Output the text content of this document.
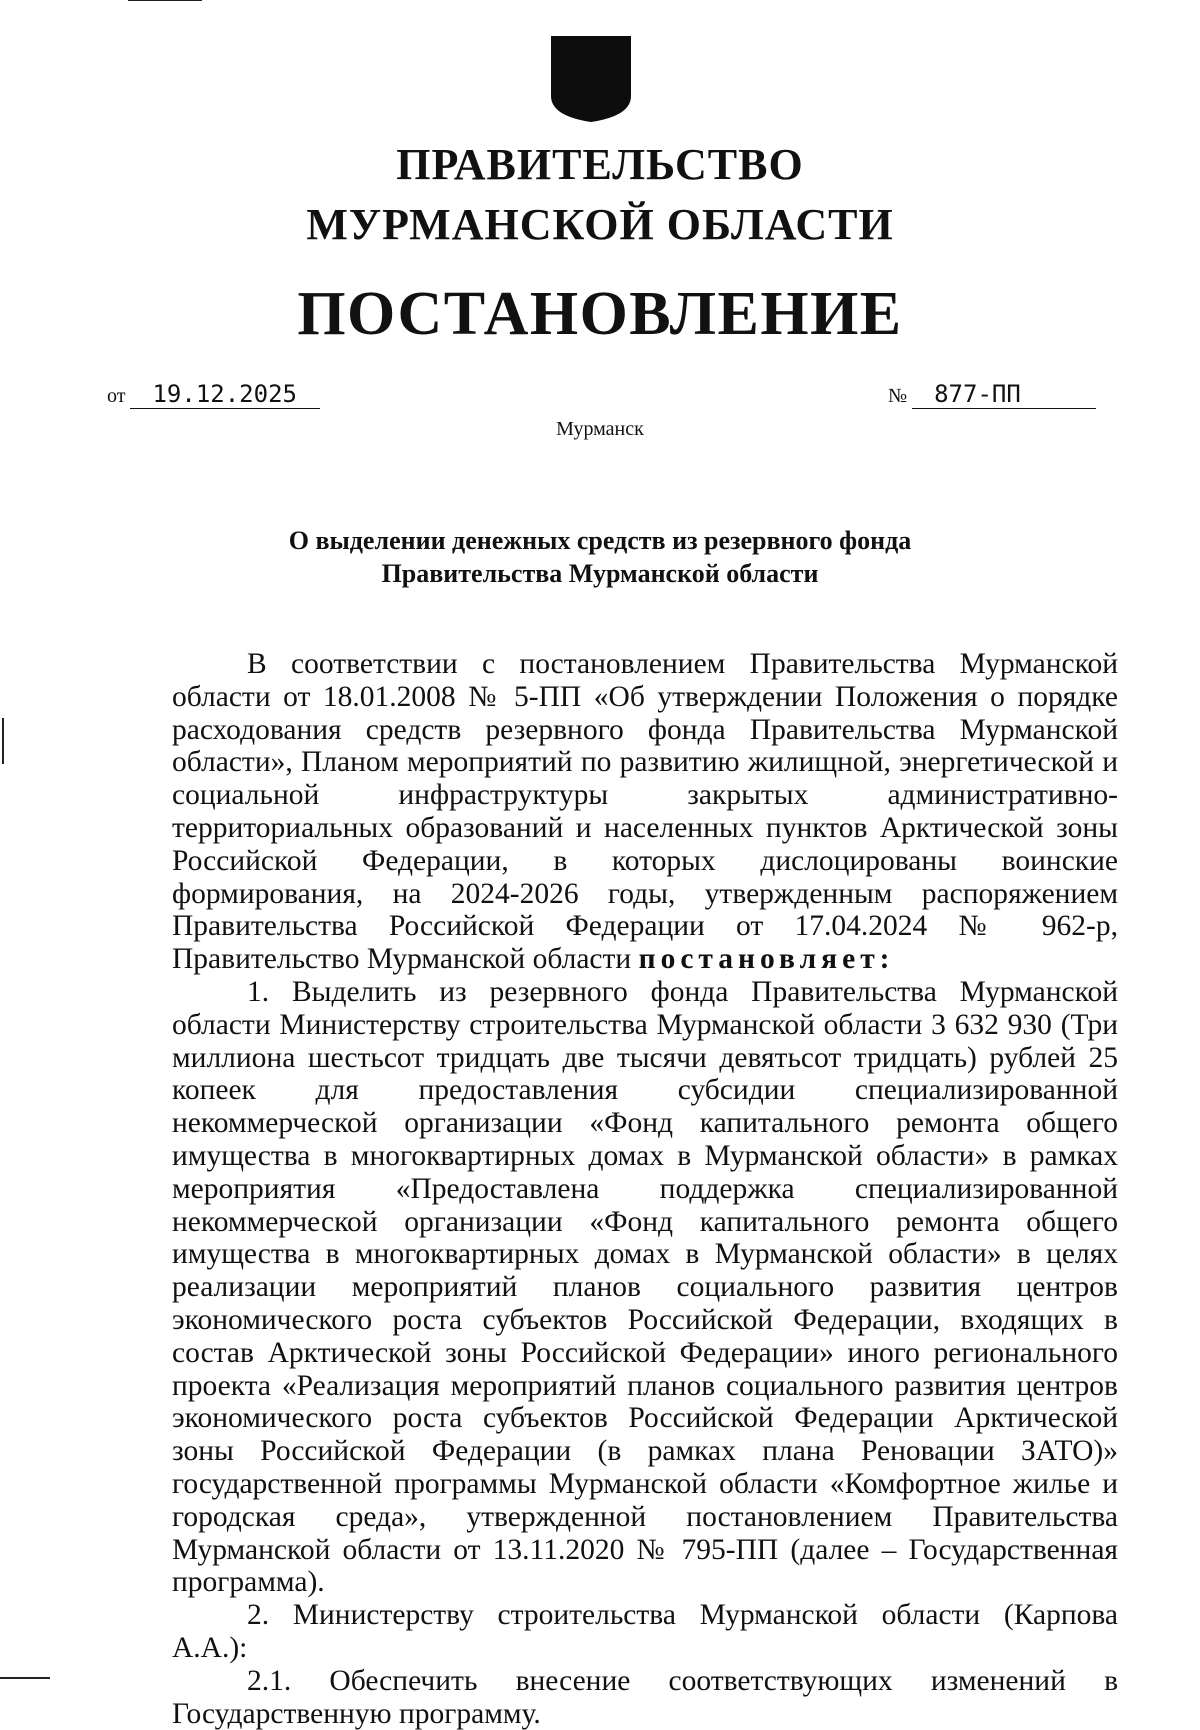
ПРАВИТЕЛЬСТВО
МУРМАНСКОЙ ОБЛАСТИ
ПОСТАНОВЛЕНИЕ
от 19.12.2025	№ 877-ПП
Мурманск
О выделении денежных средств из резервного фонда
Правительства Мурманской области

В соответствии с постановлением Правительства Мурманской области от 18.01.2008 № 5-ПП «Об утверждении Положения о порядке расходования средств резервного фонда Правительства Мурманской области», Планом мероприятий по развитию жилищной, энергетической и социальной инфраструктуры закрытых административно-территориальных образований и населенных пунктов Арктической зоны Российской Федерации, в которых дислоцированы воинские формирования, на 2024-2026 годы, утвержденным распоряжением Правительства Российской Федерации от 17.04.2024 № 962-р, Правительство Мурманской области постановляет:

1. Выделить из резервного фонда Правительства Мурманской области Министерству строительства Мурманской области 3 632 930 (Три миллиона шестьсот тридцать две тысячи девятьсот тридцать) рублей 25 копеек для предоставления субсидии специализированной некоммерческой организации «Фонд капитального ремонта общего имущества в многоквартирных домах в Мурманской области» в рамках мероприятия «Предоставлена поддержка специализированной некоммерческой организации «Фонд капитального ремонта общего имущества в многоквартирных домах в Мурманской области» в целях реализации мероприятий планов социального развития центров экономического роста субъектов Российской Федерации, входящих в состав Арктической зоны Российской Федерации» иного регионального проекта «Реализация мероприятий планов социального развития центров экономического роста субъектов Российской Федерации Арктической зоны Российской Федерации (в рамках плана Реновации ЗАТО)» государственной программы Мурманской области «Комфортное жилье и городская среда», утвержденной постановлением Правительства Мурманской области от 13.11.2020 № 795-ПП (далее – Государственная программа).

2. Министерству строительства Мурманской области (Карпова А.А.):

2.1. Обеспечить внесение соответствующих изменений в Государственную программу.
